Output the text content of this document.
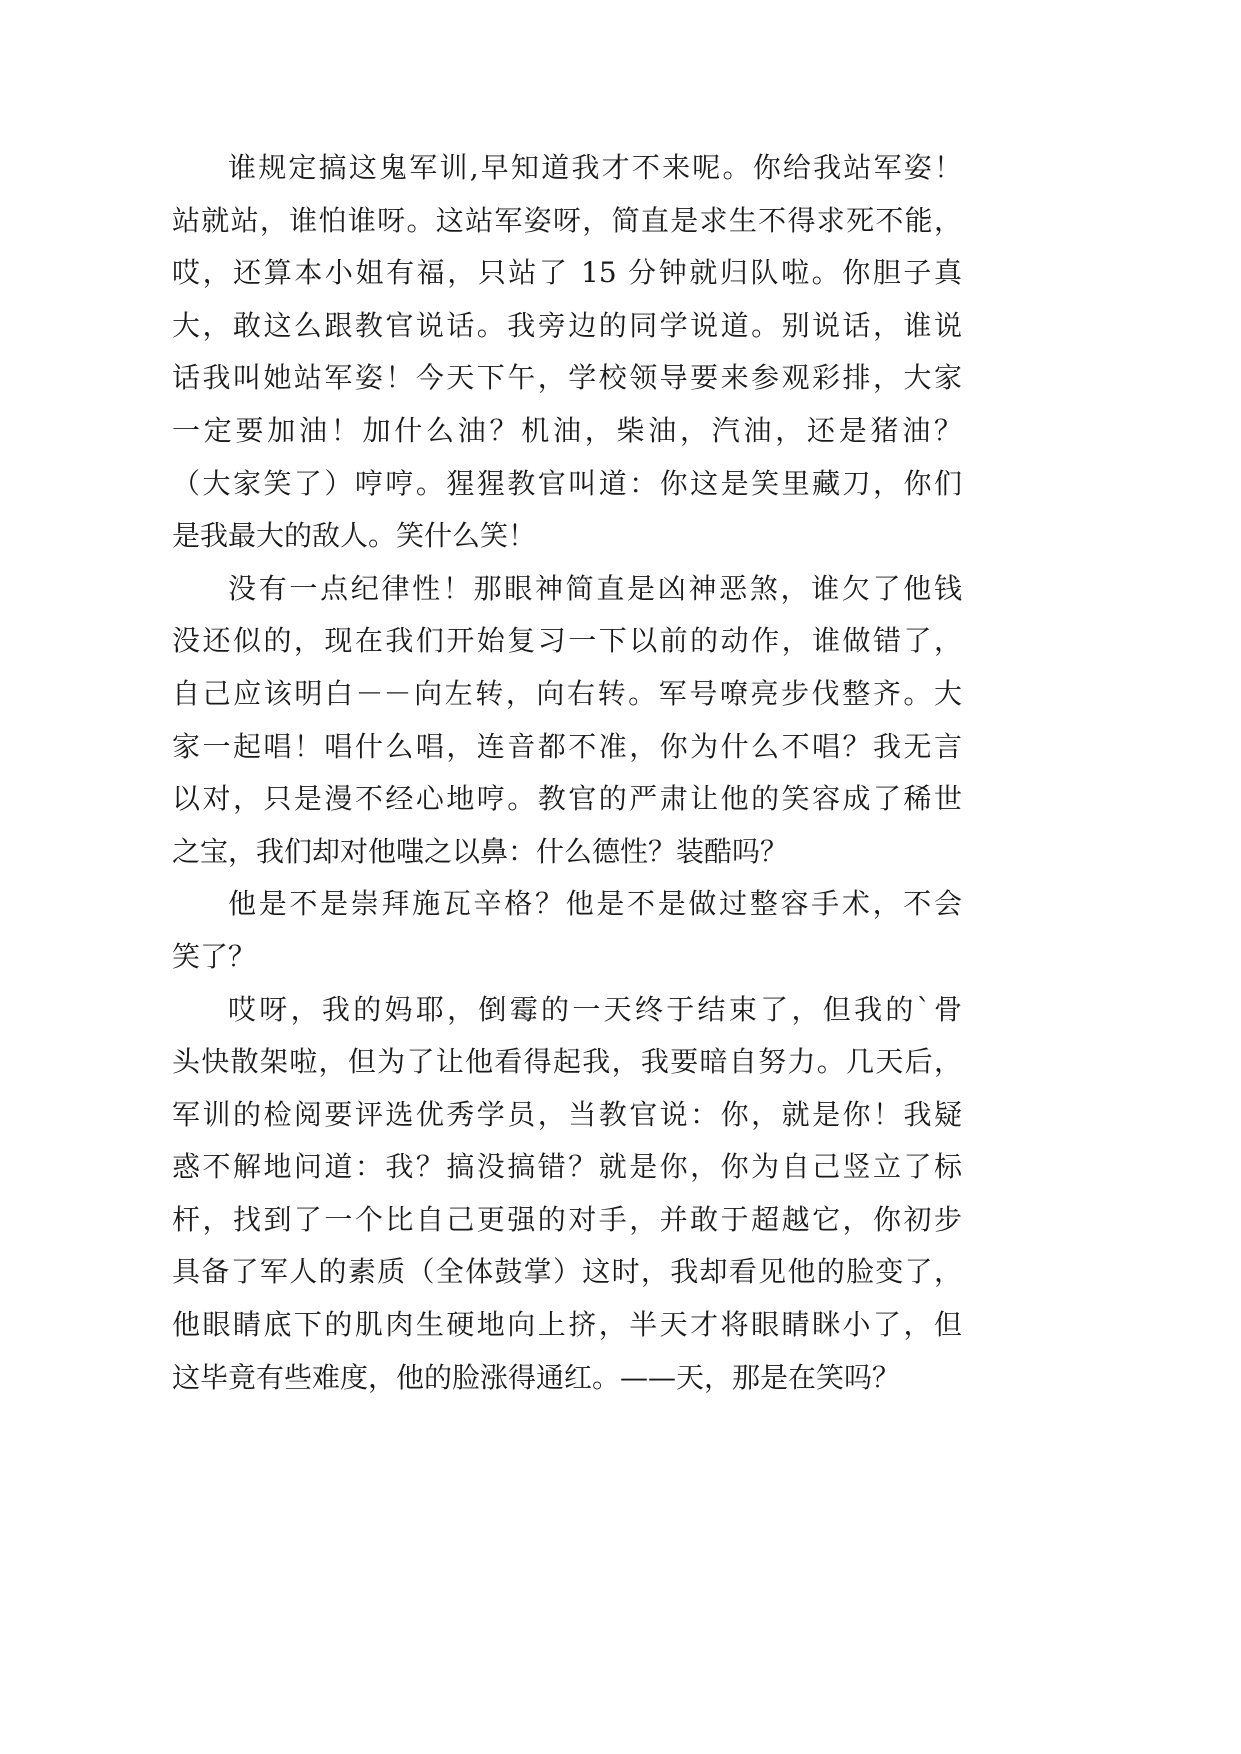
谁规定搞这鬼军训,早知道我才不来呢。你给我站军姿！
站就站，谁怕谁呀。这站军姿呀，简直是求生不得求死不能，
哎，还算本小姐有福，只站了 15 分钟就归队啦。你胆子真
大，敢这么跟教官说话。我旁边的同学说道。别说话，谁说
话我叫她站军姿！今天下午，学校领导要来参观彩排，大家
一定要加油！加什么油？机油，柴油，汽油，还是猪油？
（大家笑了）哼哼。猩猩教官叫道：你这是笑里藏刀，你们
是我最大的敌人。笑什么笑！
没有一点纪律性！那眼神简直是凶神恶煞，谁欠了他钱
没还似的，现在我们开始复习一下以前的动作，谁做错了，
自己应该明白－－向左转，向右转。军号嘹亮步伐整齐。大
家一起唱！唱什么唱，连音都不准，你为什么不唱？我无言
以对，只是漫不经心地哼。教官的严肃让他的笑容成了稀世
之宝，我们却对他嗤之以鼻：什么德性？装酷吗？
他是不是崇拜施瓦辛格？他是不是做过整容手术，不会
笑了？
哎呀，我的妈耶，倒霉的一天终于结束了，但我的`骨
头快散架啦，但为了让他看得起我，我要暗自努力。几天后，
军训的检阅要评选优秀学员，当教官说：你，就是你！我疑
惑不解地问道：我？搞没搞错？就是你，你为自己竖立了标
杆，找到了一个比自己更强的对手，并敢于超越它，你初步
具备了军人的素质（全体鼓掌）这时，我却看见他的脸变了，
他眼睛底下的肌肉生硬地向上挤，半天才将眼睛眯小了，但
这毕竟有些难度，他的脸涨得通红。——天，那是在笑吗？
